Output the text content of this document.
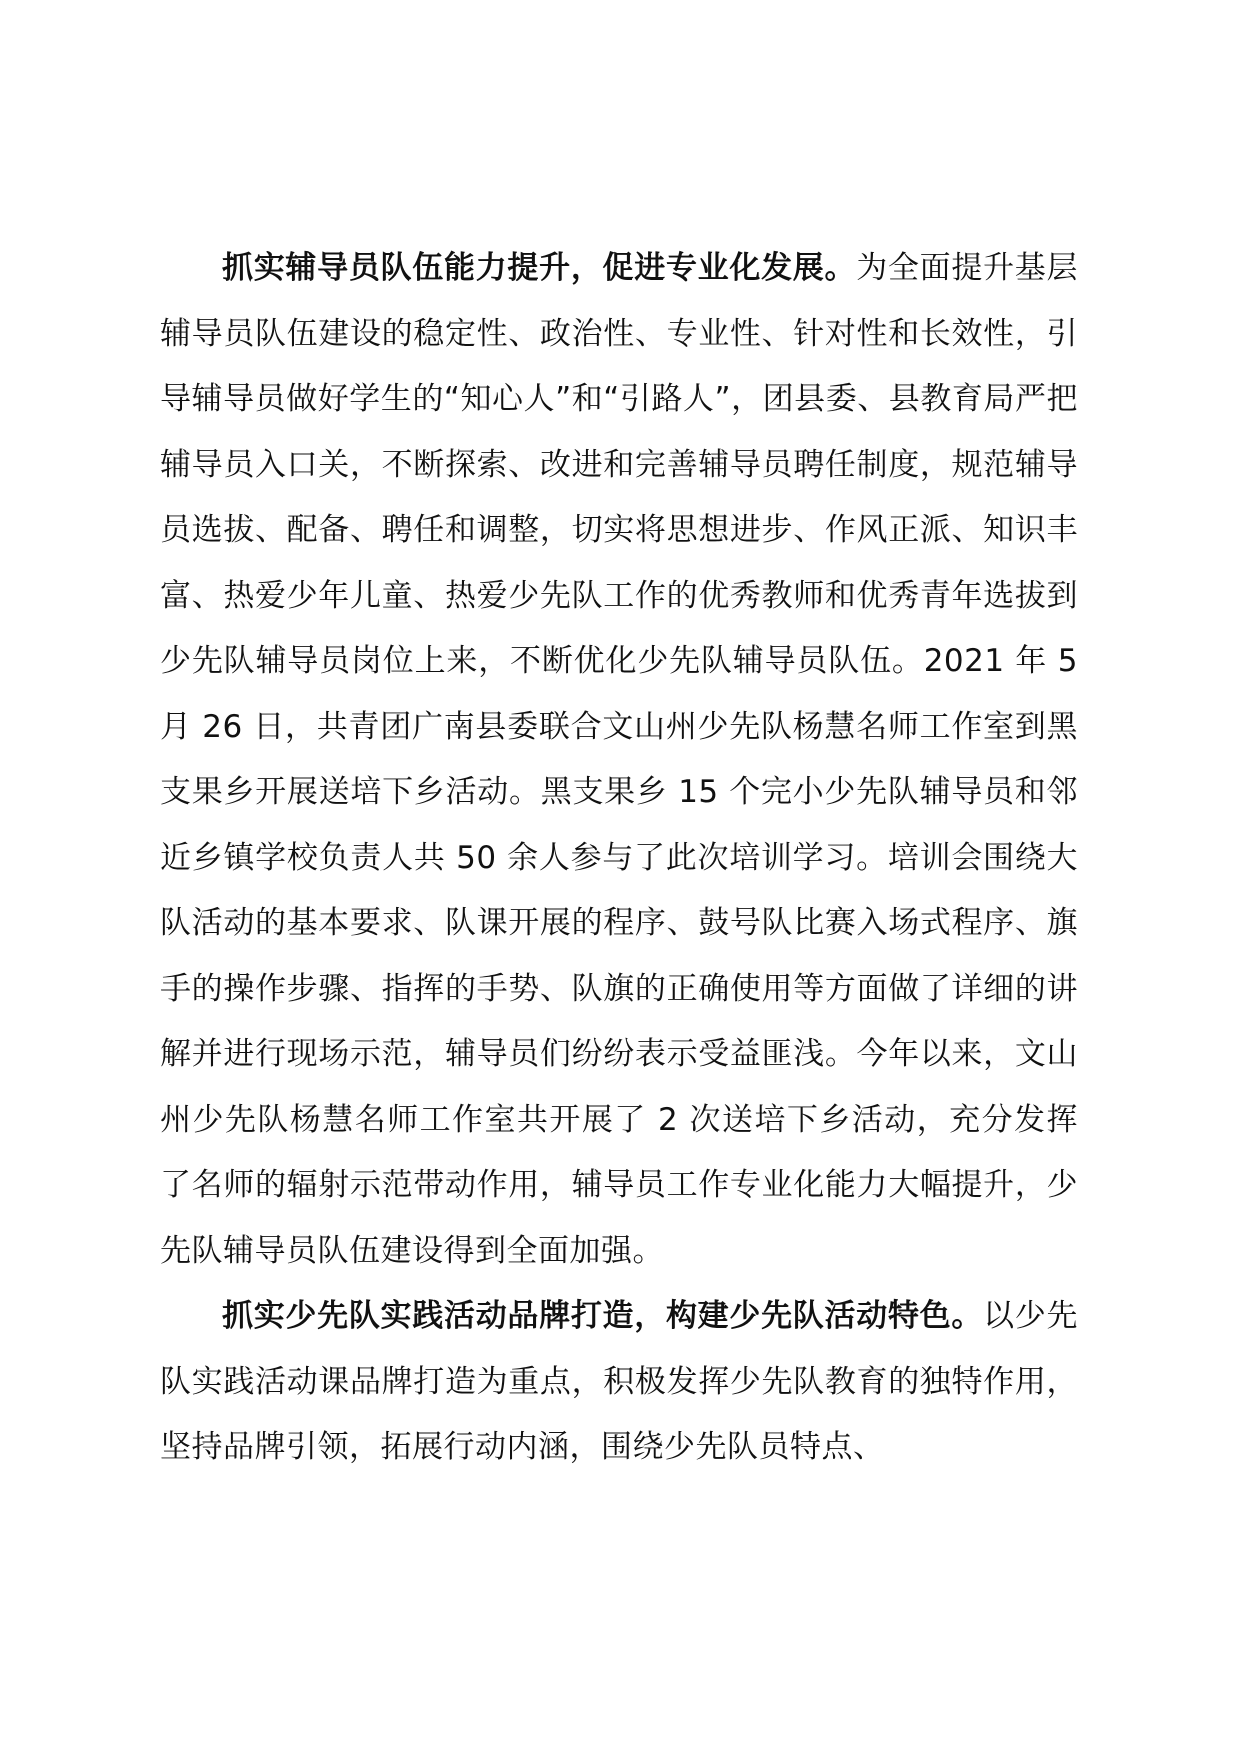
抓实辅导员队伍能力提升，促进专业化发展。为全面提升基层辅导员队伍建设的稳定性、政治性、专业性、针对性和长效性，引导辅导员做好学生的“知心人”和“引路人”，团县委、县教育局严把辅导员入口关，不断探索、改进和完善辅导员聘任制度，规范辅导员选拔、配备、聘任和调整，切实将思想进步、作风正派、知识丰富、热爱少年儿童、热爱少先队工作的优秀教师和优秀青年选拔到少先队辅导员岗位上来，不断优化少先队辅导员队伍。2021 年 5 月 26 日，共青团广南县委联合文山州少先队杨慧名师工作室到黑支果乡开展送培下乡活动。黑支果乡 15 个完小少先队辅导员和邻近乡镇学校负责人共 50 余人参与了此次培训学习。培训会围绕大队活动的基本要求、队课开展的程序、鼓号队比赛入场式程序、旗手的操作步骤、指挥的手势、队旗的正确使用等方面做了详细的讲解并进行现场示范，辅导员们纷纷表示受益匪浅。今年以来，文山州少先队杨慧名师工作室共开展了 2 次送培下乡活动，充分发挥了名师的辐射示范带动作用，辅导员工作专业化能力大幅提升，少先队辅导员队伍建设得到全面加强。

抓实少先队实践活动品牌打造，构建少先队活动特色。以少先队实践活动课品牌打造为重点，积极发挥少先队教育的独特作用，坚持品牌引领，拓展行动内涵，围绕少先队员特点、
